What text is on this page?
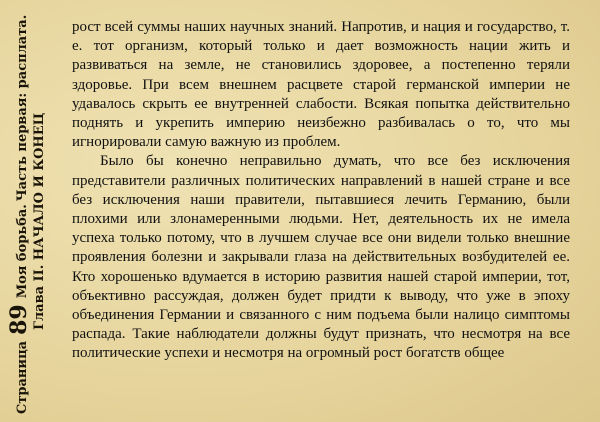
Страница89Моя борьба.Часть первая: расплата.
Глава II. НАЧАЛО И КОНЕЦ

рост всей суммы наших научных знаний. Напротив, и нация и государство, т. е. тот организм, который только и дает возможность нации жить и развиваться на земле, не становились здоровее, а постепенно теряли здоровье. При всем внешнем расцвете старой германской империи не удавалось скрыть ее внутренней слабости. Всякая попытка действительно поднять и укрепить империю неизбежно разбивалась о то, что мы игнорировали самую важную из проблем.

Было бы конечно неправильно думать, что все без исключения представители различных политических направлений в нашей стране и все без исключения наши правители, пытавшиеся лечить Германию, были плохими или злонамеренными людьми. Нет, деятельность их не имела успеха только потому, что в лучшем случае все они видели только внешние проявления болезни и закрывали глаза на действительных возбудителей ее. Кто хорошенько вдумается в историю развития нашей старой империи, тот, объективно рассуждая, должен будет придти к выводу, что уже в эпоху объединения Германии и связанного с ним подъема были налицо симптомы распада. Такие наблюдатели должны будут признать, что несмотря на все политические успехи и несмотря на огромный рост богатств общее
